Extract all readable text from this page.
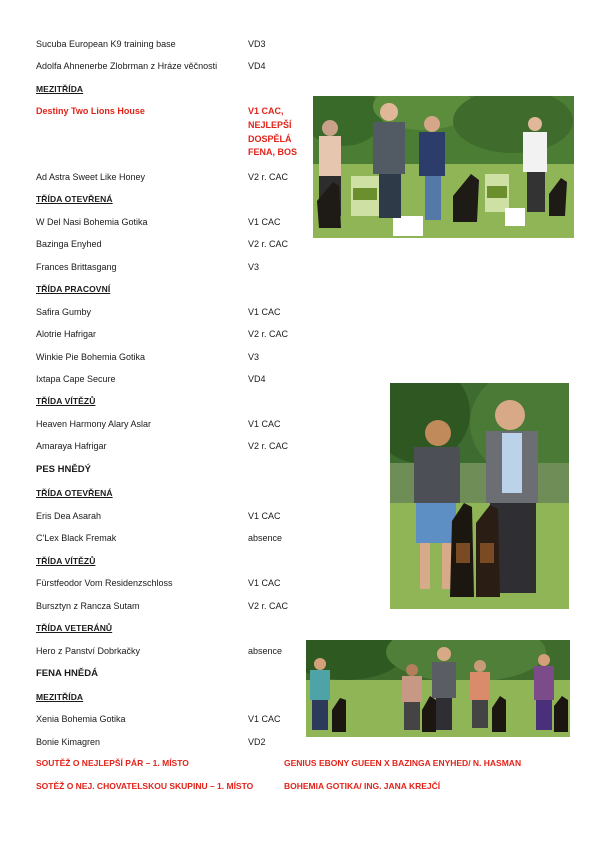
Sucuba European K9 training base	VD3
Adolfa Ahnenerbe Zlobrman z Hráze věčnosti	VD4
MEZITŘÍDA
Destiny Two Lions House	V1 CAC,
NEJLEPŠÍ
DOSPĚLÁ
FENA, BOS
Ad Astra Sweet Like Honey	V2 r. CAC
TŘÍDA OTEVŘENÁ
W Del Nasi Bohemia Gotika	V1 CAC
Bazinga Enyhed	V2 r. CAC
Frances Brittasgang	V3
TŘÍDA PRACOVNÍ
Safira Gumby	V1 CAC
Alotrie Hafrigar	V2 r. CAC
Winkie Pie Bohemia Gotika	V3
Ixtapa Cape Secure	VD4
TŘÍDA VÍTĚZŮ
Heaven Harmony Alary Aslar	V1 CAC
Amaraya Hafrigar	V2 r. CAC
PES HNĚDÝ
TŘÍDA OTEVŘENÁ
Eris Dea Asarah	V1 CAC
C'Lex Black Fremak	absence
TŘÍDA VÍTĚZŮ
Fürstfeodor Vom Residenzschloss	V1 CAC
Bursztyn z Rancza Sutam	V2 r. CAC
TŘÍDA VETERÁNŮ
Hero z Panství Dobrkačky	absence
FENA HNĚDÁ
MEZITŘÍDA
Xenia Bohemia Gotika	V1 CAC
Bonie Kimagren	VD2
SOUTĚŽ O NEJLEPŠÍ PÁR – 1. MÍSTO	GENIUS EBONY GUEEN X BAZINGA ENYHED/ N. HASMAN
SOTĚŽ O NEJ. CHOVATELSKOU SKUPINU – 1. MÍSTO	BOHEMIA GOTIKA/ ING. JANA KREJČÍ
